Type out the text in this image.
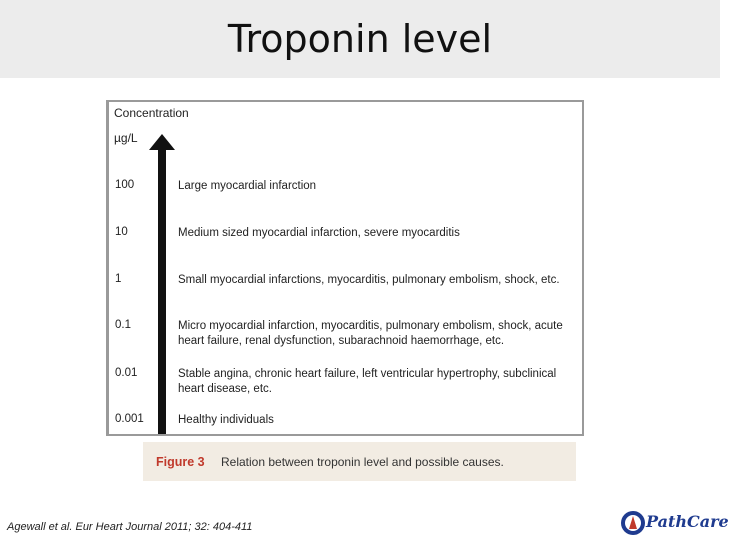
Troponin level
Concentration
µg/L
100	Large myocardial infarction
10	Medium sized myocardial infarction, severe myocarditis
1	Small myocardial infarctions, myocarditis, pulmonary embolism, shock, etc.
0.1	Micro myocardial infarction, myocarditis, pulmonary embolism, shock, acute heart failure, renal dysfunction, subarachnoid haemorrhage, etc.
0.01	Stable angina, chronic heart failure, left ventricular hypertrophy, subclinical heart disease, etc.
0.001	Healthy individuals
Figure 3 Relation between troponin level and possible causes.
Agewall et al. Eur Heart Journal 2011; 32: 404-411	PathCare
